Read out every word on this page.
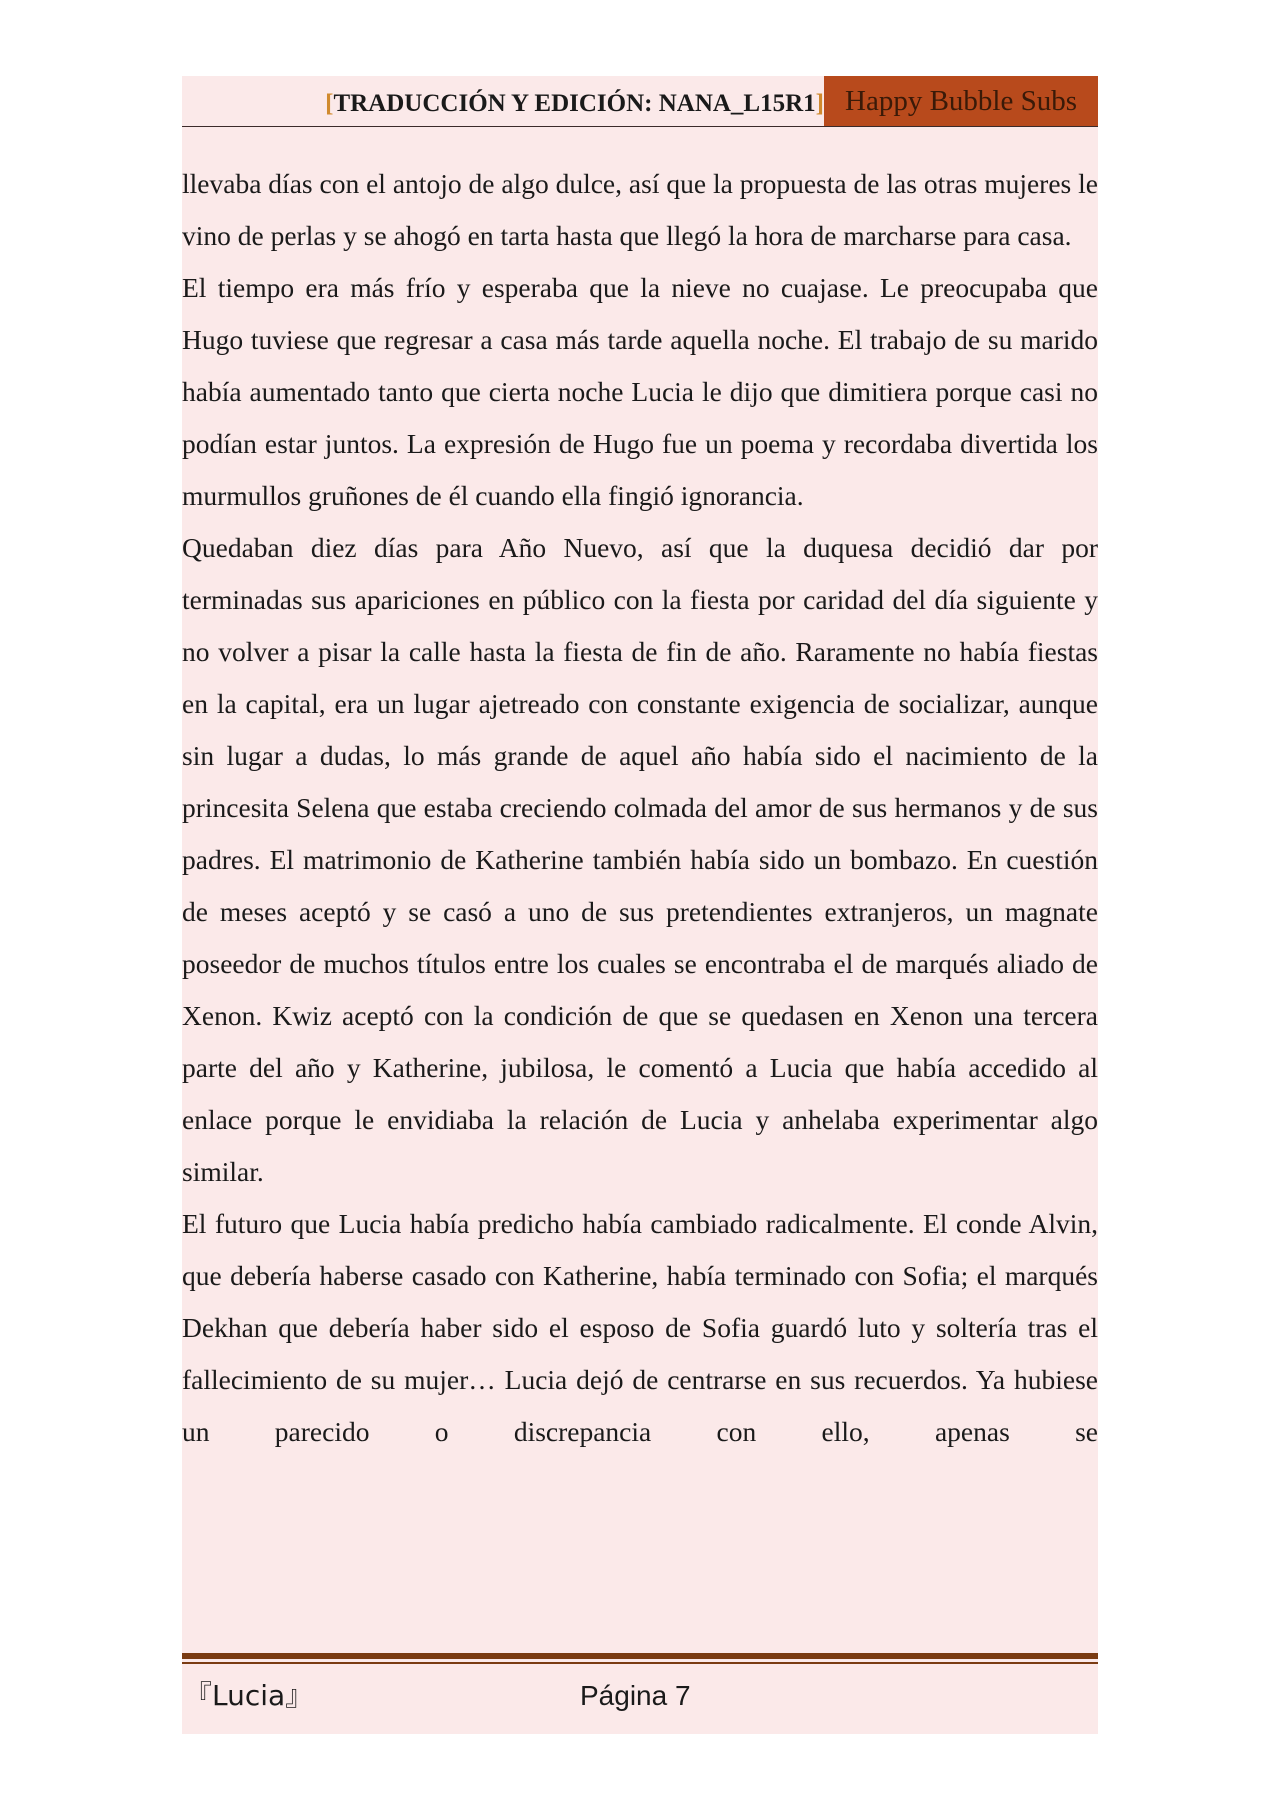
[TRADUCCIÓN Y EDICIÓN: NANA_L15R1] Happy Bubble Subs

llevaba días con el antojo de algo dulce, así que la propuesta de las otras mujeres le vino de perlas y se ahogó en tarta hasta que llegó la hora de marcharse para casa.

El tiempo era más frío y esperaba que la nieve no cuajase. Le preocupaba que Hugo tuviese que regresar a casa más tarde aquella noche. El trabajo de su marido había aumentado tanto que cierta noche Lucia le dijo que dimitiera porque casi no podían estar juntos. La expresión de Hugo fue un poema y recordaba divertida los murmullos gruñones de él cuando ella fingió ignorancia.

Quedaban diez días para Año Nuevo, así que la duquesa decidió dar por terminadas sus apariciones en público con la fiesta por caridad del día siguiente y no volver a pisar la calle hasta la fiesta de fin de año. Raramente no había fiestas en la capital, era un lugar ajetreado con constante exigencia de socializar, aunque sin lugar a dudas, lo más grande de aquel año había sido el nacimiento de la princesita Selena que estaba creciendo colmada del amor de sus hermanos y de sus padres. El matrimonio de Katherine también había sido un bombazo. En cuestión de meses aceptó y se casó a uno de sus pretendientes extranjeros, un magnate poseedor de muchos títulos entre los cuales se encontraba el de marqués aliado de Xenon. Kwiz aceptó con la condición de que se quedasen en Xenon una tercera parte del año y Katherine, jubilosa, le comentó a Lucia que había accedido al enlace porque le envidiaba la relación de Lucia y anhelaba experimentar algo similar.

El futuro que Lucia había predicho había cambiado radicalmente. El conde Alvin, que debería haberse casado con Katherine, había terminado con Sofia; el marqués Dekhan que debería haber sido el esposo de Sofia guardó luto y soltería tras el fallecimiento de su mujer… Lucia dejó de centrarse en sus recuerdos. Ya hubiese un parecido o discrepancia con ello, apenas se

『Lucia』	Página 7
